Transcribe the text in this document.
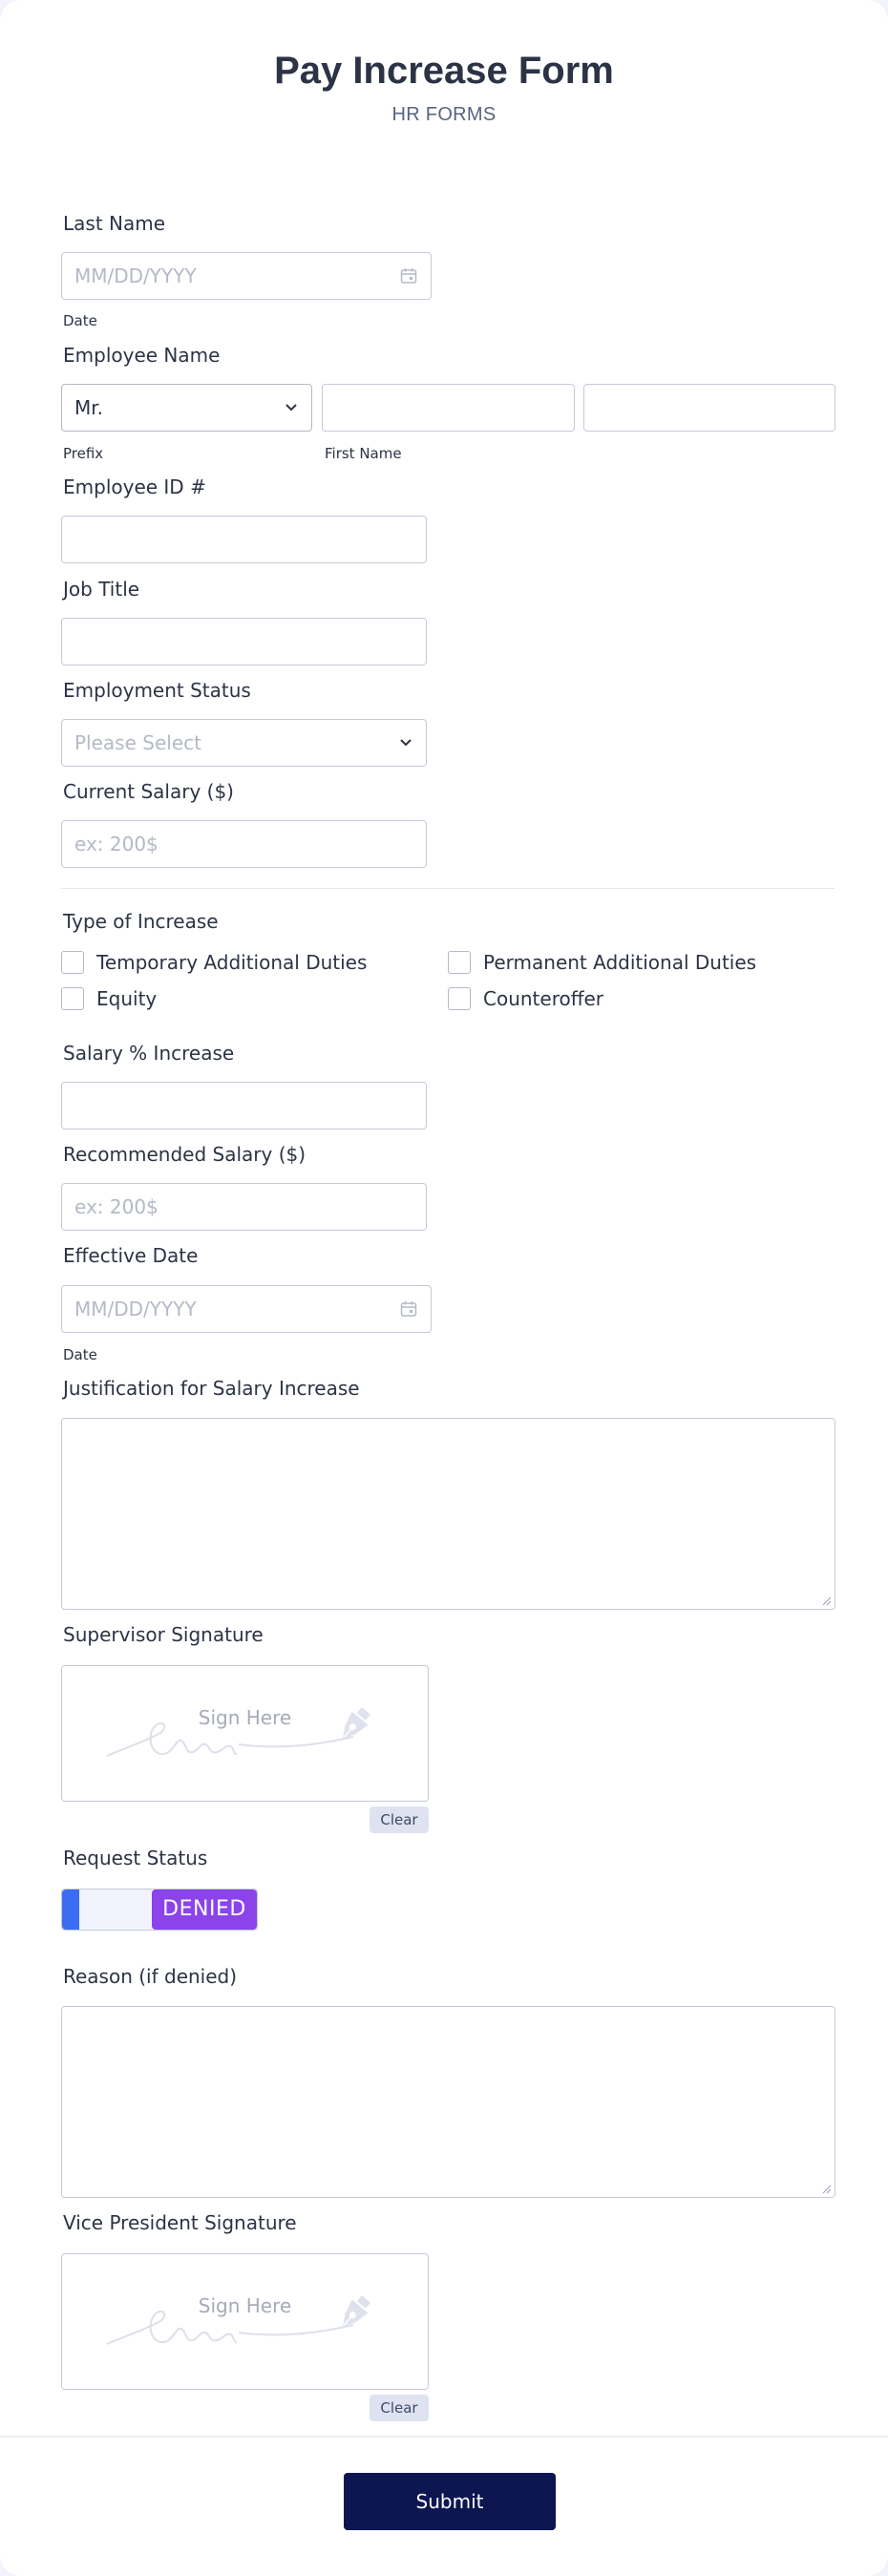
Pay Increase Form
HR FORMS
Last Name
MM/DD/YYYY
Date
Employee Name
Mr.
Prefix	First Name
Employee ID #
Job Title
Employment Status
Please Select
Current Salary ($)
ex: 200$
Type of Increase
Temporary Additional Duties	Permanent Additional Duties
Equity	Counteroffer
Salary % Increase
Recommended Salary ($)
ex: 200$
Effective Date
MM/DD/YYYY
Date
Justification for Salary Increase
Supervisor Signature
Sign Here
Clear
Request Status
DENIED
Reason (if denied)
Vice President Signature
Sign Here
Clear
Submit
